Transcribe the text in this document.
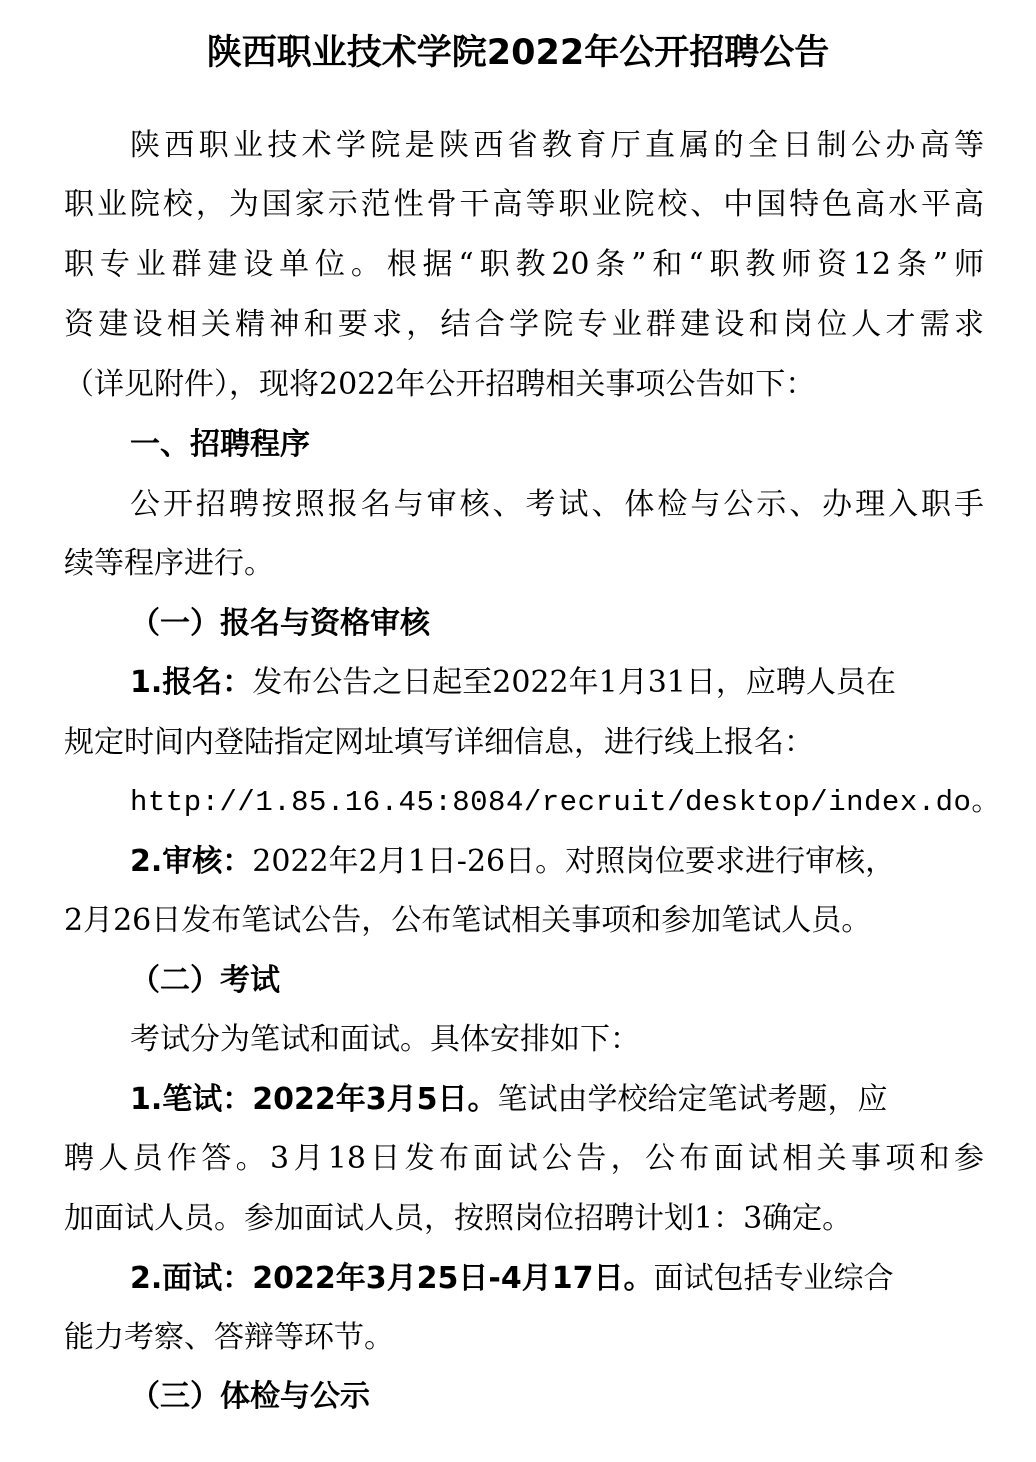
陕西职业技术学院2022年公开招聘公告
陕西职业技术学院是陕西省教育厅直属的全日制公办高等
职业院校，为国家示范性骨干高等职业院校、中国特色高水平高
职专业群建设单位。根据“职教20条”和“职教师资12条”师
资建设相关精神和要求，结合学院专业群建设和岗位人才需求
（详见附件），现将2022年公开招聘相关事项公告如下：
一、招聘程序
公开招聘按照报名与审核、考试、体检与公示、办理入职手
续等程序进行。
（一）报名与资格审核
1.报名：发布公告之日起至2022年1月31日，应聘人员在
规定时间内登陆指定网址填写详细信息，进行线上报名：
http://1.85.16.45:8084/recruit/desktop/index.do。
2.审核：2022年2月1日-26日。对照岗位要求进行审核，
2月26日发布笔试公告，公布笔试相关事项和参加笔试人员。
（二）考试
考试分为笔试和面试。具体安排如下：
1.笔试：2022年3月5日。笔试由学校给定笔试考题，应
聘人员作答。3月18日发布面试公告，公布面试相关事项和参
加面试人员。参加面试人员，按照岗位招聘计划1：3确定。
2.面试：2022年3月25日-4月17日。面试包括专业综合
能力考察、答辩等环节。
（三）体检与公示
